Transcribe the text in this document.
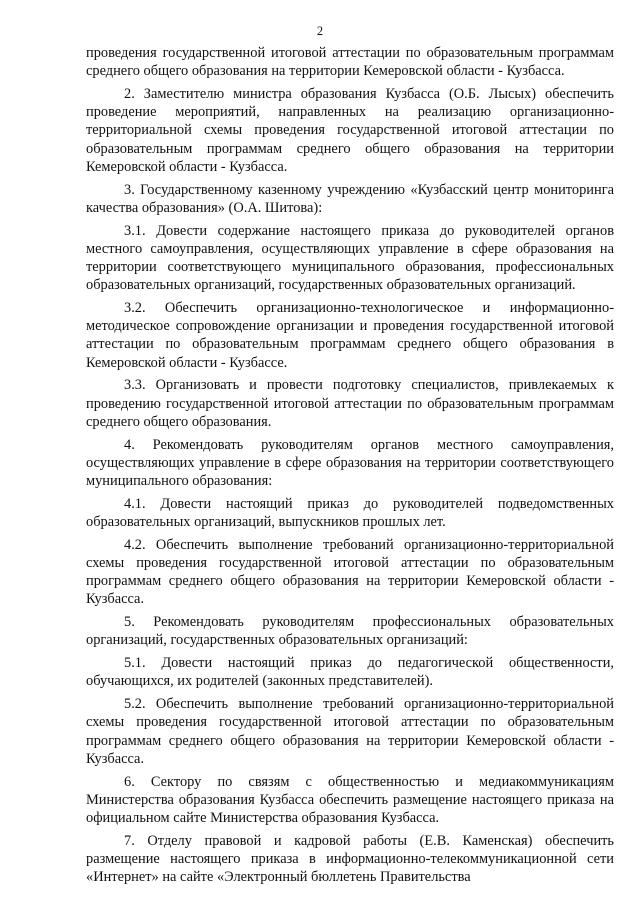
2

проведения государственной итоговой аттестации по образовательным программам среднего общего образования на территории Кемеровской области - Кузбасса.

2. Заместителю министра образования Кузбасса (О.Б. Лысых) обеспечить проведение мероприятий, направленных на реализацию организационно-территориальной схемы проведения государственной итоговой аттестации по образовательным программам среднего общего образования на территории Кемеровской области - Кузбасса.

3. Государственному казенному учреждению «Кузбасский центр мониторинга качества образования» (О.А. Шитова):

3.1. Довести содержание настоящего приказа до руководителей органов местного самоуправления, осуществляющих управление в сфере образования на территории соответствующего муниципального образования, профессиональных образовательных организаций, государственных образовательных организаций.

3.2. Обеспечить организационно-технологическое и информационно-методическое сопровождение организации и проведения государственной итоговой аттестации по образовательным программам среднего общего образования в Кемеровской области - Кузбассе.

3.3. Организовать и провести подготовку специалистов, привлекаемых к проведению государственной итоговой аттестации по образовательным программам среднего общего образования.

4. Рекомендовать руководителям органов местного самоуправления, осуществляющих управление в сфере образования на территории соответствующего муниципального образования:

4.1. Довести настоящий приказ до руководителей подведомственных образовательных организаций, выпускников прошлых лет.

4.2. Обеспечить выполнение требований организационно-территориальной схемы проведения государственной итоговой аттестации по образовательным программам среднего общего образования на территории Кемеровской области - Кузбасса.

5. Рекомендовать руководителям профессиональных образовательных организаций, государственных образовательных организаций:

5.1. Довести настоящий приказ до педагогической общественности, обучающихся, их родителей (законных представителей).

5.2. Обеспечить выполнение требований организационно-территориальной схемы проведения государственной итоговой аттестации по образовательным программам среднего общего образования на территории Кемеровской области - Кузбасса.

6. Сектору по связям с общественностью и медиакоммуникациям Министерства образования Кузбасса обеспечить размещение настоящего приказа на официальном сайте Министерства образования Кузбасса.

7. Отделу правовой и кадровой работы (Е.В. Каменская) обеспечить размещение настоящего приказа в информационно-телекоммуникационной сети «Интернет» на сайте «Электронный бюллетень Правительства
